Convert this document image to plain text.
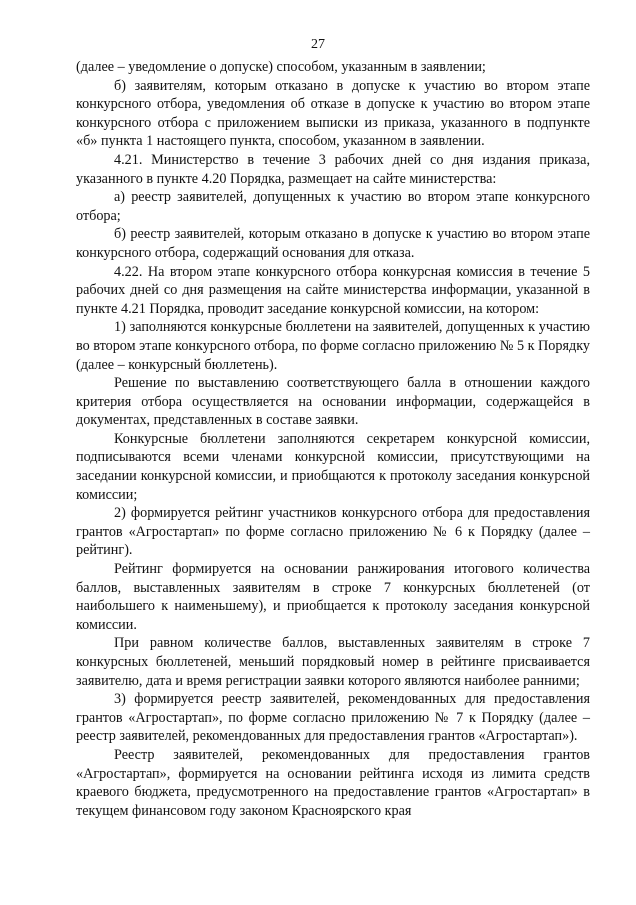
27

(далее – уведомление о допуске) способом, указанным в заявлении;

б) заявителям, которым отказано в допуске к участию во втором этапе конкурсного отбора, уведомления об отказе в допуске к участию во втором этапе конкурсного отбора с приложением выписки из приказа, указанного в подпункте «б» пункта 1 настоящего пункта, способом, указанном в заявлении.

4.21. Министерство в течение 3 рабочих дней со дня издания приказа, указанного в пункте 4.20 Порядка, размещает на сайте министерства:

а) реестр заявителей, допущенных к участию во втором этапе конкурсного отбора;

б) реестр заявителей, которым отказано в допуске к участию во втором этапе конкурсного отбора, содержащий основания для отказа.

4.22. На втором этапе конкурсного отбора конкурсная комиссия в течение 5 рабочих дней со дня размещения на сайте министерства информации, указанной в пункте 4.21 Порядка, проводит заседание конкурсной комиссии, на котором:

1) заполняются конкурсные бюллетени на заявителей, допущенных к участию во втором этапе конкурсного отбора, по форме согласно приложению № 5 к Порядку (далее – конкурсный бюллетень).

Решение по выставлению соответствующего балла в отношении каждого критерия отбора осуществляется на основании информации, содержащейся в документах, представленных в составе заявки.

Конкурсные бюллетени заполняются секретарем конкурсной комиссии, подписываются всеми членами конкурсной комиссии, присутствующими на заседании конкурсной комиссии, и приобщаются к протоколу заседания конкурсной комиссии;

2) формируется рейтинг участников конкурсного отбора для предоставления грантов «Агростартап» по форме согласно приложению № 6 к Порядку (далее – рейтинг).

Рейтинг формируется на основании ранжирования итогового количества баллов, выставленных заявителям в строке 7 конкурсных бюллетеней (от наибольшего к наименьшему), и приобщается к протоколу заседания конкурсной комиссии.

При равном количестве баллов, выставленных заявителям в строке 7 конкурсных бюллетеней, меньший порядковый номер в рейтинге присваивается заявителю, дата и время регистрации заявки которого являются наиболее ранними;

3) формируется реестр заявителей, рекомендованных для предоставления грантов «Агростартап», по форме согласно приложению № 7 к Порядку (далее – реестр заявителей, рекомендованных для предоставления грантов «Агростартап»).

Реестр заявителей, рекомендованных для предоставления грантов «Агростартап», формируется на основании рейтинга исходя из лимита средств краевого бюджета, предусмотренного на предоставление грантов «Агростартап» в текущем финансовом году законом Красноярского края
